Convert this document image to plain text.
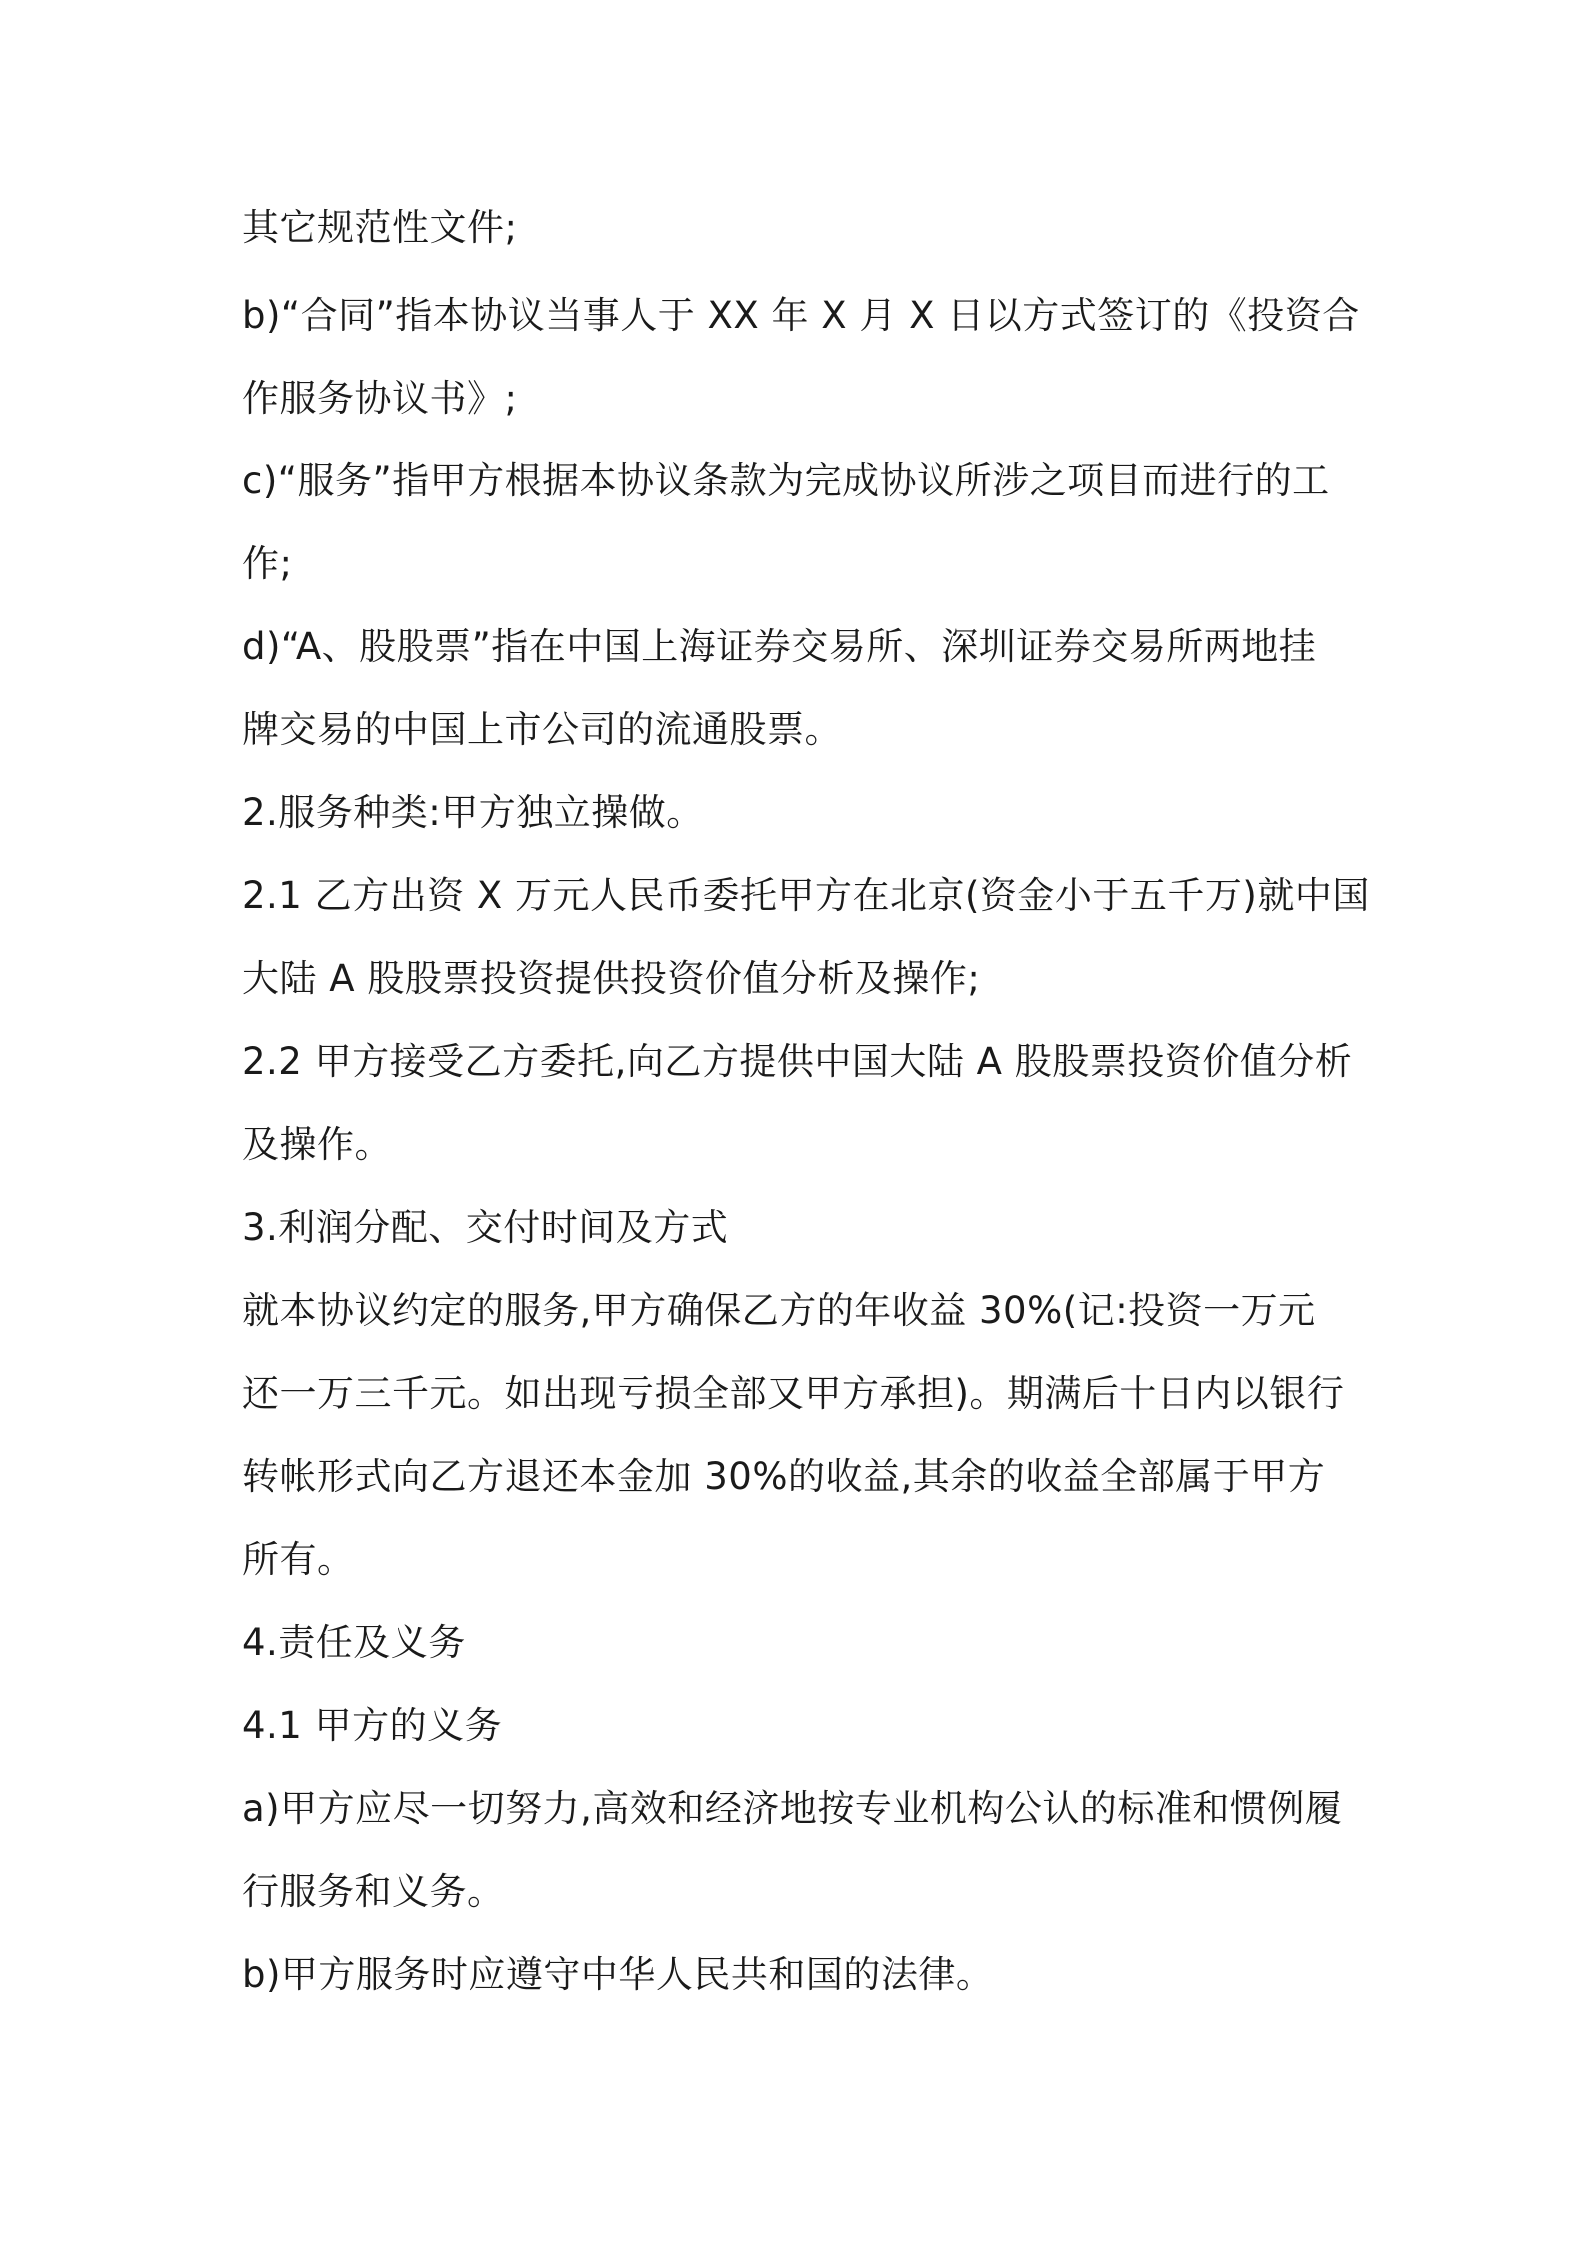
其它规范性文件;

b)“合同”指本协议当事人于 XX 年 X 月 X 日以方式签订的《投资合

作服务协议书》;

c)“服务”指甲方根据本协议条款为完成协议所涉之项目而进行的工

作;

d)“A、股股票”指在中国上海证券交易所、深圳证券交易所两地挂

牌交易的中国上市公司的流通股票。

2.服务种类:甲方独立操做。

2.1 乙方出资 X 万元人民币委托甲方在北京(资金小于五千万)就中国

大陆 A 股股票投资提供投资价值分析及操作;

2.2 甲方接受乙方委托,向乙方提供中国大陆 A 股股票投资价值分析

及操作。

3.利润分配、交付时间及方式

就本协议约定的服务,甲方确保乙方的年收益 30%(记:投资一万元

还一万三千元。如出现亏损全部又甲方承担)。期满后十日内以银行

转帐形式向乙方退还本金加 30%的收益,其余的收益全部属于甲方

所有。

4.责任及义务

4.1 甲方的义务

a)甲方应尽一切努力,高效和经济地按专业机构公认的标准和惯例履

行服务和义务。

b)甲方服务时应遵守中华人民共和国的法律。
